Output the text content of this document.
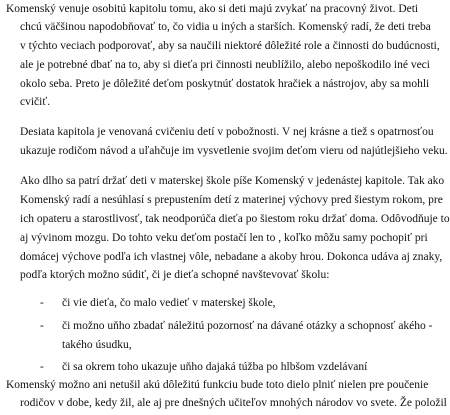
Komenský venuje osobitú kapitolu tomu, ako si deti majú zvykať na pracovný život. Deti
chcú väčšinou napodobňovať to, čo vidia u iných a starších. Komenský radí, že deti treba
v týchto veciach podporovať, aby sa naučili niektoré dôležité role a činnosti do budúcnosti,
ale je potrebné dbať na to, aby si dieťa pri činnosti neublížilo, alebo nepoškodilo iné veci
okolo seba. Preto je dôležité deťom poskytnúť dostatok hračiek a nástrojov, aby sa mohli
cvičiť.
Desiata kapitola je venovaná cvičeniu detí v pobožnosti. V nej krásne a tiež s opatrnosťou
ukazuje rodičom návod a uľahčuje im vysvetlenie svojim deťom vieru od najútlejšieho veku.
Ako dlho sa patrí držať deti v materskej škole píše Komenský v jedenástej kapitole. Tak ako
Komenský radí a nesúhlasí s prepustením detí z materinej výchovy pred šiestym rokom, pre
ich opateru a starostlivosť, tak neodporúča dieťa po šiestom roku držať doma. Odôvodňuje to
aj vývinom mozgu. Do tohto veku deťom postačí len to , koľko môžu samy pochopiť pri
domácej výchove podľa ich vlastnej vôle, nebadane a akoby hrou. Dokonca udáva aj znaky,
podľa ktorých možno súdiť, či je dieťa schopné navštevovať školu:
- či vie dieťa, čo malo vedieť v materskej škole,
- či možno uňho zbadať náležitú pozornosť na dávané otázky a schopnosť akého -
takého úsudku,
- či sa okrem toho ukazuje uňho dajaká túžba po hlbšom vzdelávaní
Komenský možno ani netušil akú dôležitú funkciu bude toto dielo plniť nielen pre poučenie
rodičov v dobe, kedy žil, ale aj pre dnešných učiteľov mnohých národov vo svete. Že položil
